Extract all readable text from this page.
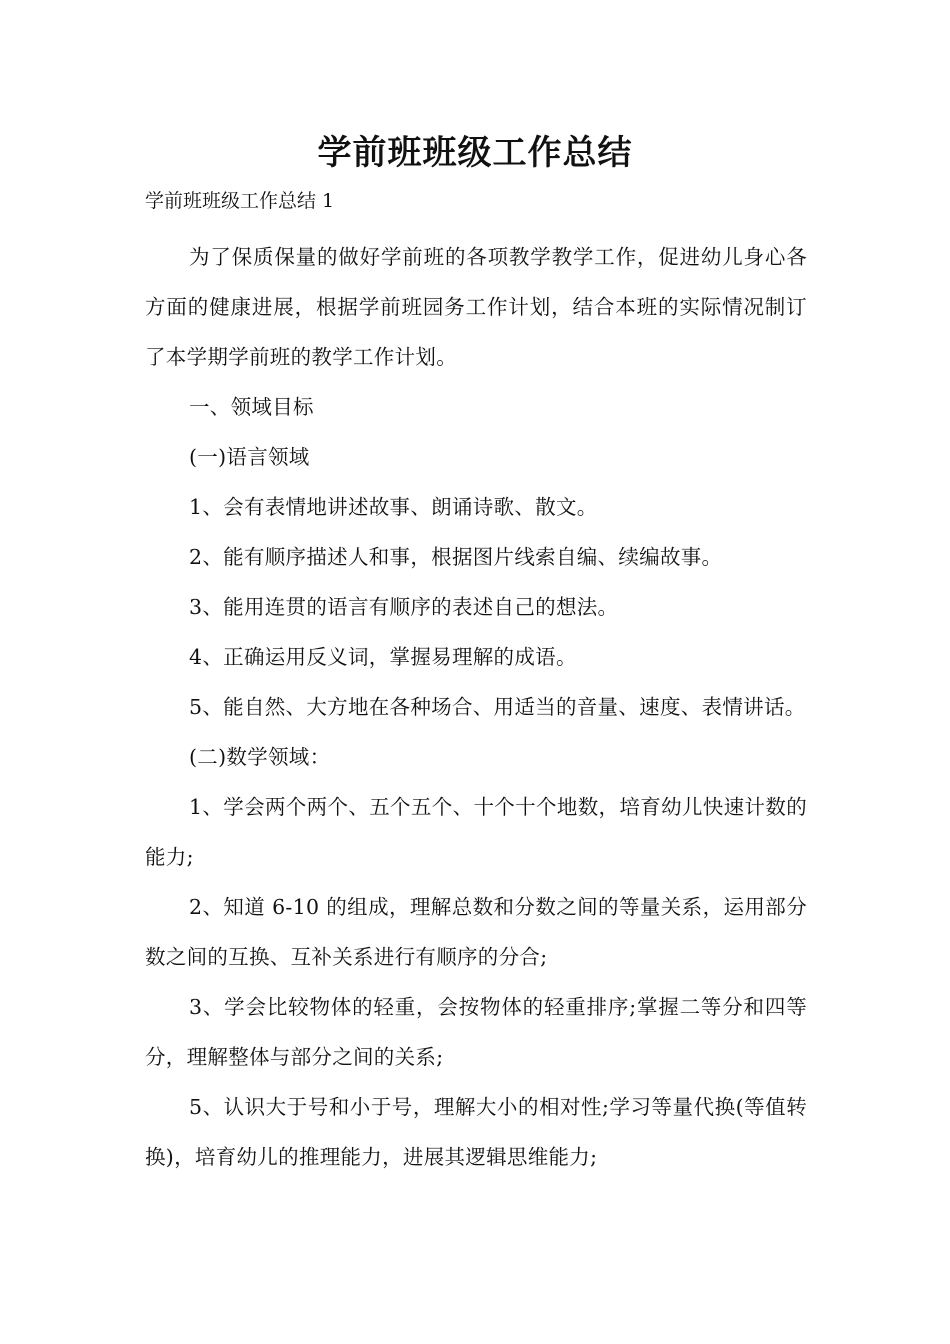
学前班班级工作总结
学前班班级工作总结 1

为了保质保量的做好学前班的各项教学教学工作，促进幼儿身心各方面的健康进展，根据学前班园务工作计划，结合本班的实际情况制订了本学期学前班的教学工作计划。

一、领域目标

(一)语言领域

1、会有表情地讲述故事、朗诵诗歌、散文。

2、能有顺序描述人和事，根据图片线索自编、续编故事。

3、能用连贯的语言有顺序的表述自己的想法。

4、正确运用反义词，掌握易理解的成语。

5、能自然、大方地在各种场合、用适当的音量、速度、表情讲话。

(二)数学领域：

1、学会两个两个、五个五个、十个十个地数，培育幼儿快速计数的能力;

2、知道 6-10 的组成，理解总数和分数之间的等量关系，运用部分数之间的互换、互补关系进行有顺序的分合;

3、学会比较物体的轻重，会按物体的轻重排序;掌握二等分和四等分，理解整体与部分之间的关系;

5、认识大于号和小于号，理解大小的相对性;学习等量代换(等值转换)，培育幼儿的推理能力，进展其逻辑思维能力;
